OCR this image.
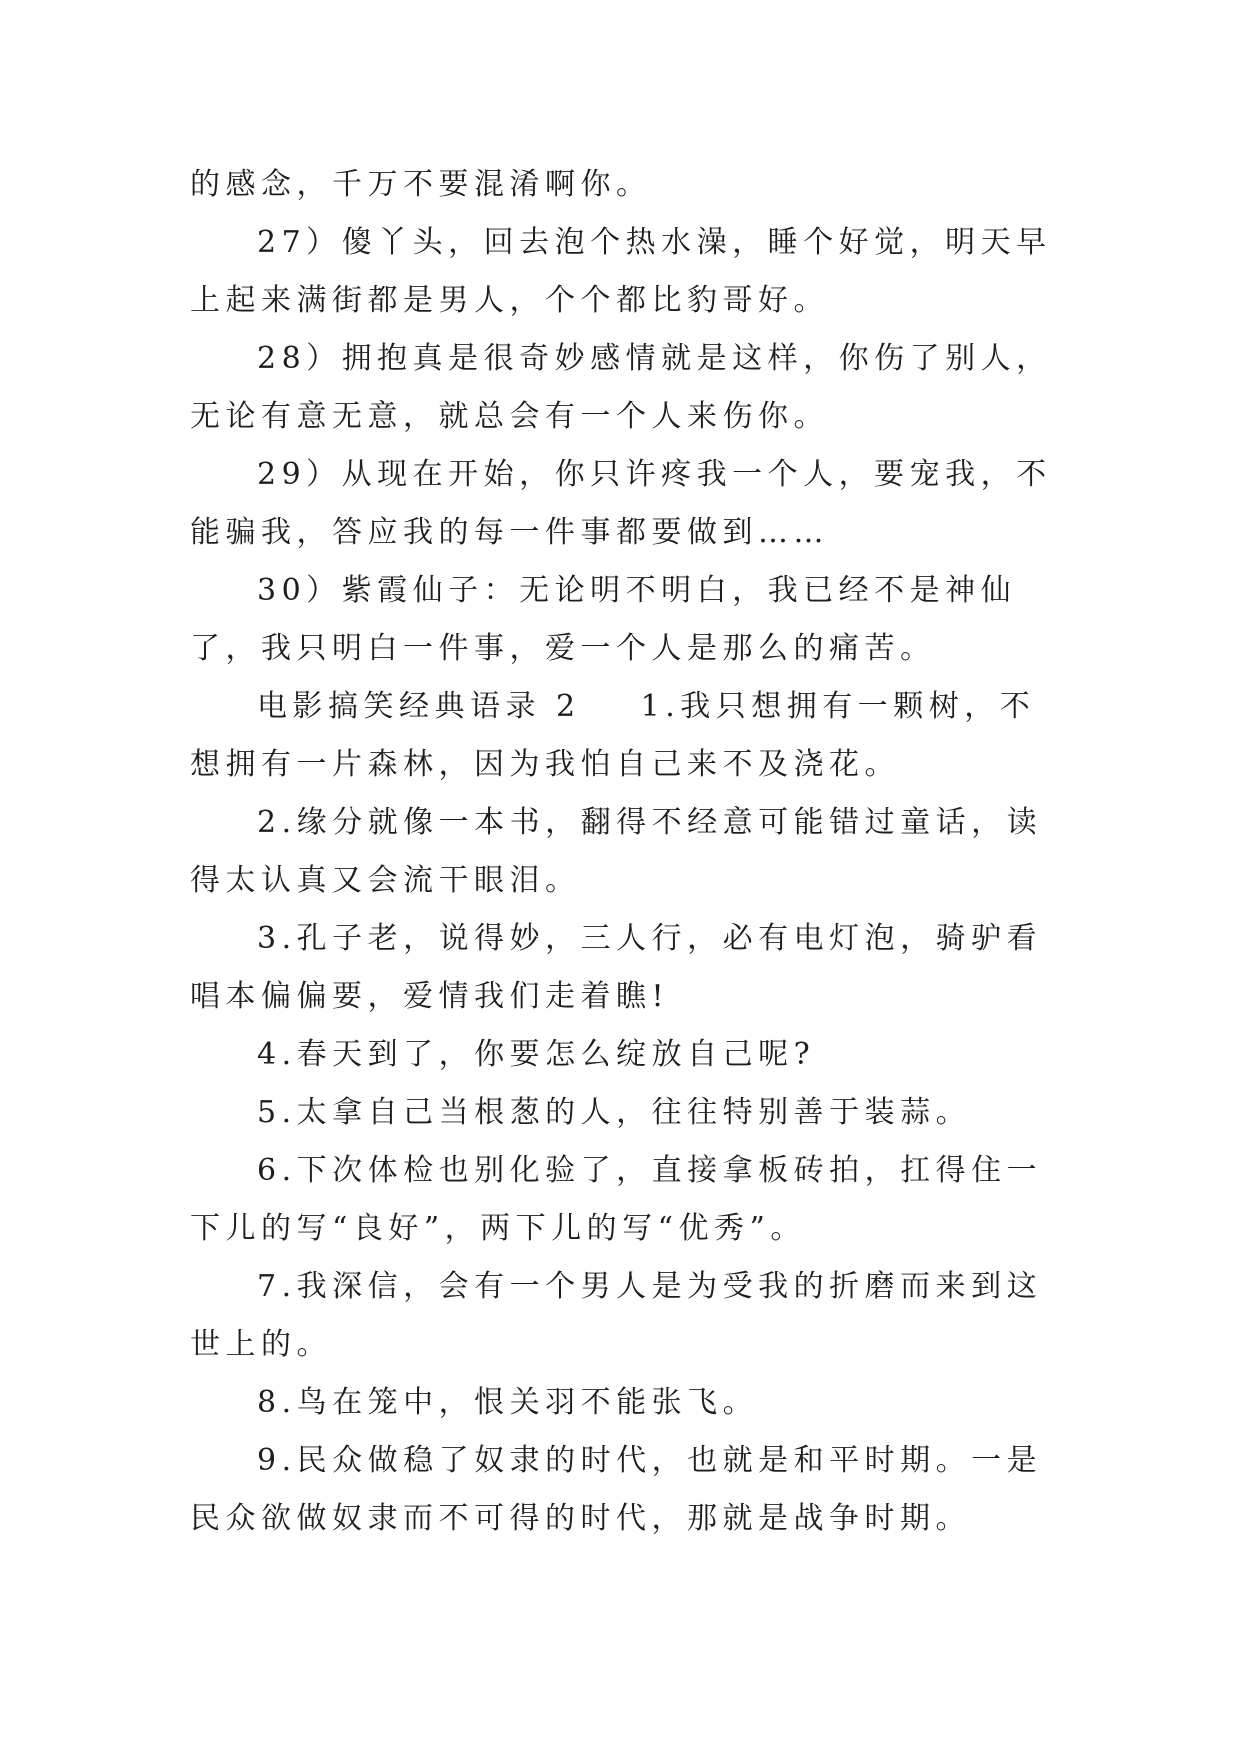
的感念，千万不要混淆啊你。

27）傻丫头，回去泡个热水澡，睡个好觉，明天早上起来满街都是男人，个个都比豹哥好。

28）拥抱真是很奇妙感情就是这样，你伤了别人，无论有意无意，就总会有一个人来伤你。

29）从现在开始，你只许疼我一个人，要宠我，不能骗我，答应我的每一件事都要做到……

30）紫霞仙子：无论明不明白，我已经不是神仙了，我只明白一件事，爱一个人是那么的痛苦。

电影搞笑经典语录 2 1.我只想拥有一颗树，不想拥有一片森林，因为我怕自己来不及浇花。

2.缘分就像一本书，翻得不经意可能错过童话，读得太认真又会流干眼泪。

3.孔子老，说得妙，三人行，必有电灯泡，骑驴看唱本偏偏要，爱情我们走着瞧!

4.春天到了，你要怎么绽放自己呢?

5.太拿自己当根葱的人，往往特别善于装蒜。

6.下次体检也别化验了，直接拿板砖拍，扛得住一下儿的写“良好”，两下儿的写“优秀”。

7.我深信，会有一个男人是为受我的折磨而来到这世上的。

8.鸟在笼中，恨关羽不能张飞。

9.民众做稳了奴隶的时代，也就是和平时期。一是民众欲做奴隶而不可得的时代，那就是战争时期。
